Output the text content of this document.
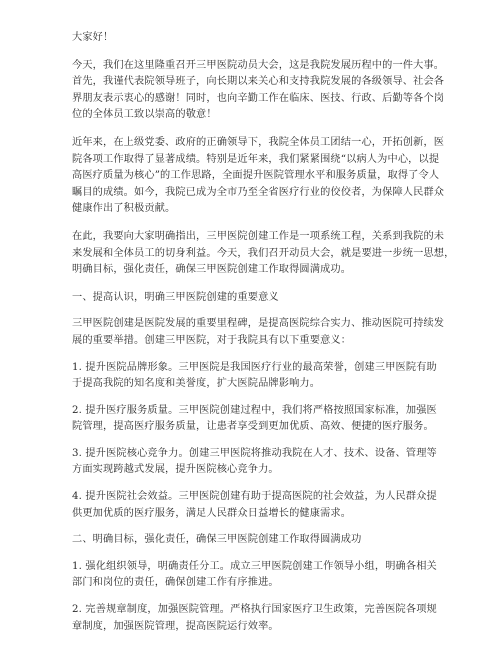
大家好！

今天，我们在这里隆重召开三甲医院动员大会，这是我院发展历程中的一件大事。
首先，我谨代表院领导班子，向长期以来关心和支持我院发展的各级领导、社会各
界朋友表示衷心的感谢！同时，也向辛勤工作在临床、医技、行政、后勤等各个岗
位的全体员工致以崇高的敬意！

近年来，在上级党委、政府的正确领导下，我院全体员工团结一心，开拓创新，医
院各项工作取得了显著成绩。特别是近年来，我们紧紧围绕“以病人为中心，以提
高医疗质量为核心”的工作思路，全面提升医院管理水平和服务质量，取得了令人
瞩目的成绩。如今，我院已成为全市乃至全省医疗行业的佼佼者，为保障人民群众
健康作出了积极贡献。

在此，我要向大家明确指出，三甲医院创建工作是一项系统工程，关系到我院的未
来发展和全体员工的切身利益。今天，我们召开动员大会，就是要进一步统一思想，
明确目标，强化责任，确保三甲医院创建工作取得圆满成功。

一、提高认识，明确三甲医院创建的重要意义

三甲医院创建是医院发展的重要里程碑，是提高医院综合实力、推动医院可持续发
展的重要举措。创建三甲医院，对于我院具有以下重要意义：

1. 提升医院品牌形象。三甲医院是我国医疗行业的最高荣誉，创建三甲医院有助
于提高我院的知名度和美誉度，扩大医院品牌影响力。

2. 提升医疗服务质量。三甲医院创建过程中，我们将严格按照国家标准，加强医
院管理，提高医疗服务质量，让患者享受到更加优质、高效、便捷的医疗服务。

3. 提升医院核心竞争力。创建三甲医院将推动我院在人才、技术、设备、管理等
方面实现跨越式发展，提升医院核心竞争力。

4. 提升医院社会效益。三甲医院创建有助于提高医院的社会效益，为人民群众提
供更加优质的医疗服务，满足人民群众日益增长的健康需求。

二、明确目标，强化责任，确保三甲医院创建工作取得圆满成功

1. 强化组织领导，明确责任分工。成立三甲医院创建工作领导小组，明确各相关
部门和岗位的责任，确保创建工作有序推进。

2. 完善规章制度，加强医院管理。严格执行国家医疗卫生政策，完善医院各项规
章制度，加强医院管理，提高医院运行效率。
